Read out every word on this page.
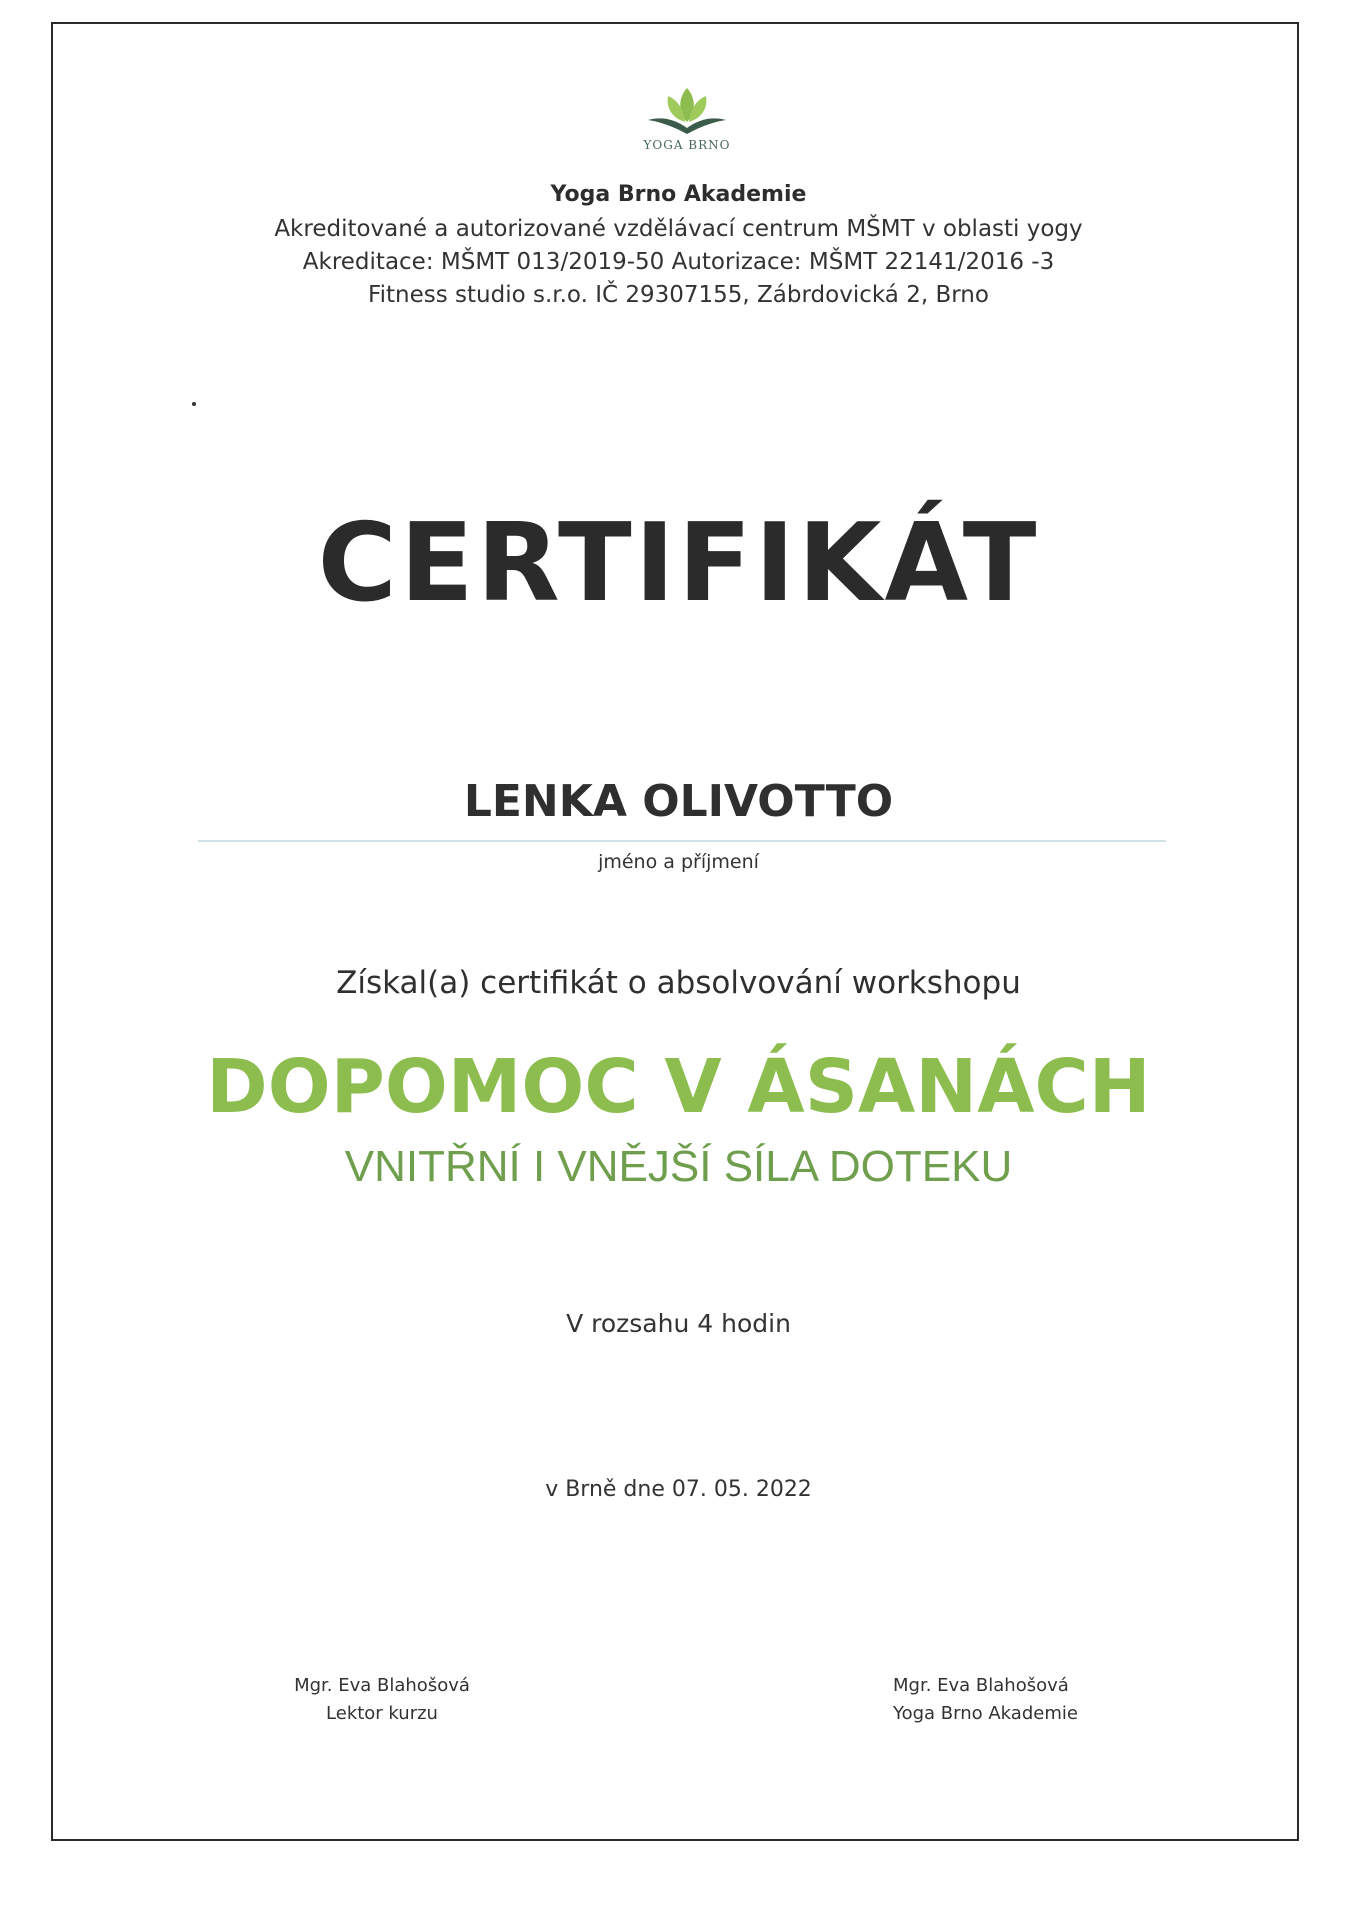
YOGA BRNO
Yoga Brno Akademie
Akreditované a autorizované vzdělávací centrum MŠMT v oblasti yogy
Akreditace: MŠMT 013/2019-50 Autorizace: MŠMT 22141/2016 -3
Fitness studio s.r.o. IČ 29307155, Zábrdovická 2, Brno
CERTIFIKÁT
LENKA OLIVOTTO
jméno a příjmení
Získal(a) certifikát o absolvování workshopu
DOPOMOC V ÁSANÁCH
VNITŘNÍ I VNĚJŠÍ SÍLA DOTEKU
V rozsahu 4 hodin
v Brně dne 07. 05. 2022
Mgr. Eva Blahošová
Lektor kurzu
Mgr. Eva Blahošová
Yoga Brno Akademie
